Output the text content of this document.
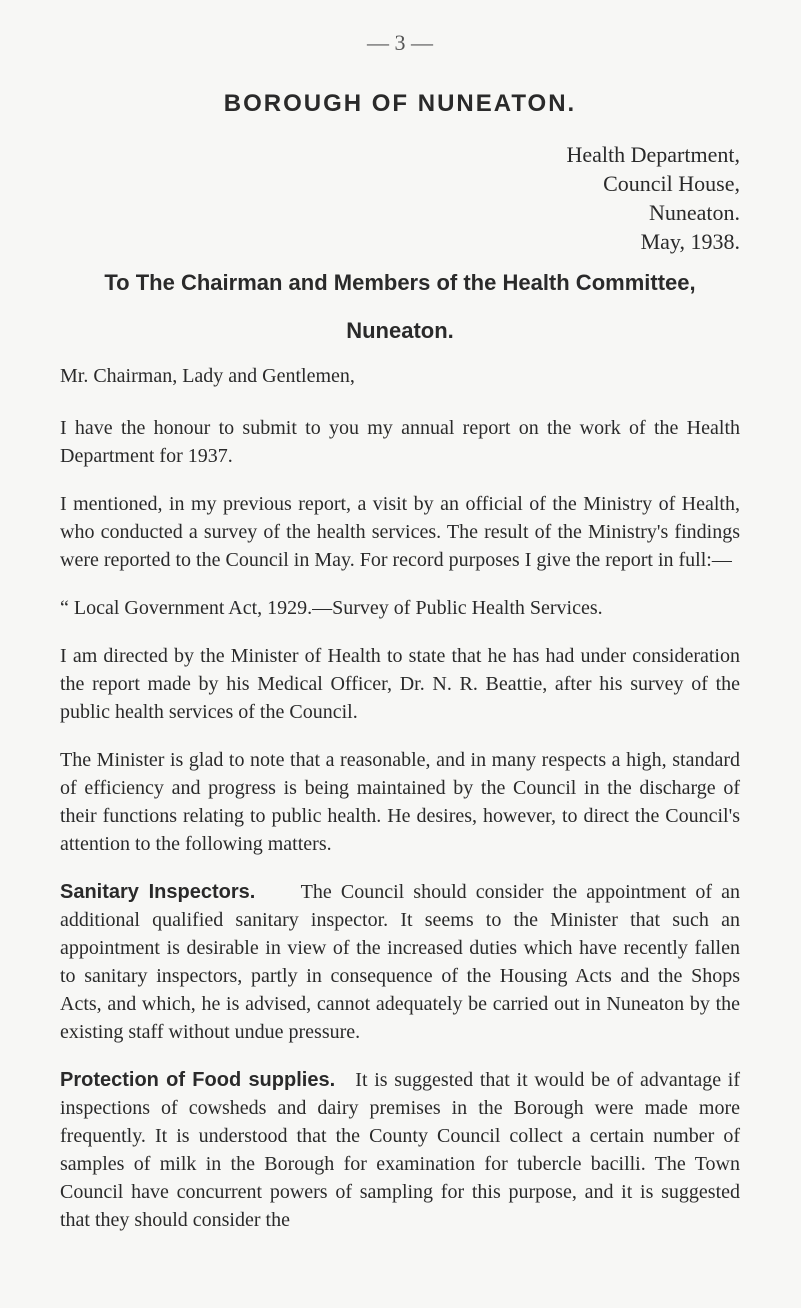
— 3 —
BOROUGH OF NUNEATON.
Health Department,
Council House,
Nuneaton.
May, 1938.
To The Chairman and Members of the Health Committee,
Nuneaton.

Mr. Chairman, Lady and Gentlemen,

I have the honour to submit to you my annual report on the work of the Health Department for 1937.

I mentioned, in my previous report, a visit by an official of the Ministry of Health, who conducted a survey of the health services. The result of the Ministry's findings were reported to the Council in May. For record purposes I give the report in full:—

“ Local Government Act, 1929.—Survey of Public Health Services.

I am directed by the Minister of Health to state that he has had under consideration the report made by his Medical Officer, Dr. N. R. Beattie, after his survey of the public health services of the Council.

The Minister is glad to note that a reasonable, and in many respects a high, standard of efficiency and progress is being maintained by the Council in the discharge of their functions relating to public health. He desires, however, to direct the Council's attention to the following matters.

Sanitary Inspectors. The Council should consider the appointment of an additional qualified sanitary inspector. It seems to the Minister that such an appointment is desirable in view of the increased duties which have recently fallen to sanitary inspectors, partly in consequence of the Housing Acts and the Shops Acts, and which, he is advised, cannot adequately be carried out in Nuneaton by the existing staff without undue pressure.

Protection of Food supplies. It is suggested that it would be of advantage if inspections of cowsheds and dairy premises in the Borough were made more frequently. It is understood that the County Council collect a certain number of samples of milk in the Borough for examination for tubercle bacilli. The Town Council have concurrent powers of sampling for this purpose, and it is suggested that they should consider the
